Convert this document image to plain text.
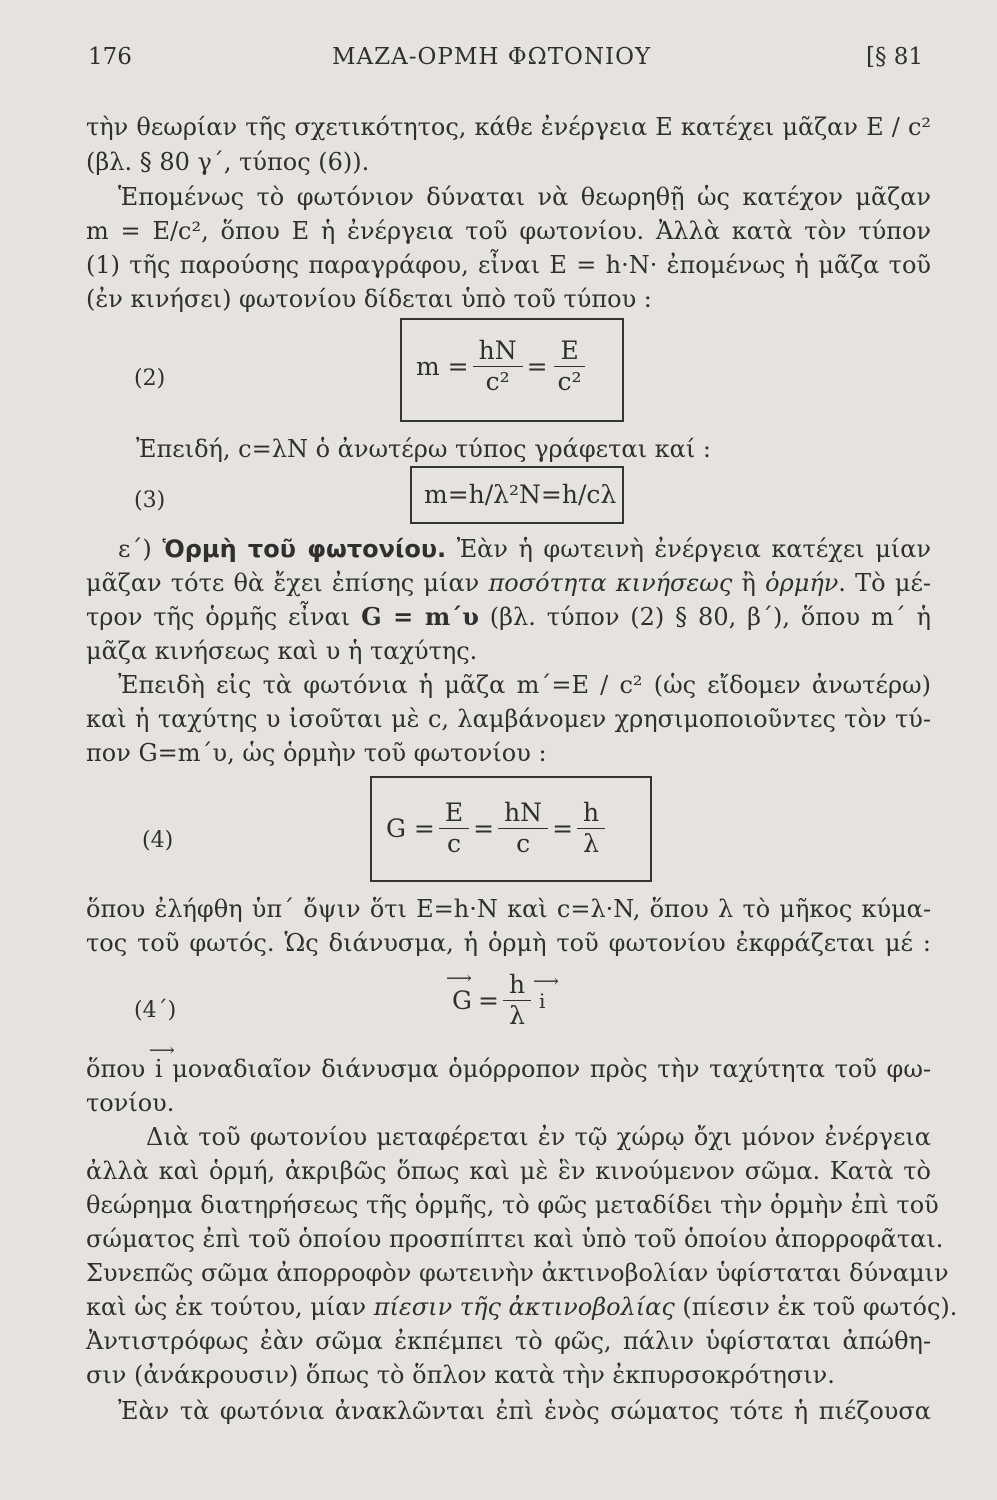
176	ΜΑΖΑ-ΟΡΜΗ ΦΩΤΟΝΙΟΥ	[§ 81
τὴν θεωρίαν τῆς σχετικότητος, κάθε ἐνέργεια Ε κατέχει μᾶζαν Ε / c²
(βλ. § 80 γ΄, τύπος (6)).
Ἑπομένως τὸ φωτόνιον δύναται νὰ θεωρηθῇ ὡς κατέχον μᾶζαν
m = E/c², ὅπου Ε ἡ ἐνέργεια τοῦ φωτονίου. Ἀλλὰ κατὰ τὸν τύπον
(1) τῆς παρούσης παραγράφου, εἶναι Ε = h·N· ἐπομένως ἡ μᾶζα τοῦ
(ἐν κινήσει) φωτονίου δίδεται ὑπὸ τοῦ τύπου :
(2)	$m = \frac{hN}{\text{c²}} = \frac{E}{\text{c²}}$
Ἐπειδή, c=λN ὁ ἀνωτέρω τύπος γράφεται καί :
(3)	m=h/λ²N=h/cλ
ε΄) Ὁρμὴ τοῦ φωτονίου. Ἐὰν ἡ φωτεινὴ ἐνέργεια κατέχει μίαν
μᾶζαν τότε θὰ ἔχει ἐπίσης μίαν ποσότητα κινήσεως ἢ ὁρμήν. Τὸ μέ-
τρον τῆς ὁρμῆς εἶναι G = m΄υ (βλ. τύπον (2) § 80, β΄), ὅπου m΄ ἡ
μᾶζα κινήσεως καὶ υ ἡ ταχύτης.
Ἐπειδὴ εἰς τὰ φωτόνια ἡ μᾶζα m΄=E / c² (ὡς εἴδομεν ἀνωτέρω)
καὶ ἡ ταχύτης υ ἰσοῦται μὲ c, λαμβάνομεν χρησιμοποιοῦντες τὸν τύ-
πον G=m΄υ, ὡς ὁρμὴν τοῦ φωτονίου :
(4)	$G = \frac{E}{c} = \frac{hN}{c} = \frac{h}{\lambda}$
ὅπου ἐλήφθη ὑπ΄ ὄψιν ὅτι E=h·N καὶ c=λ·N, ὅπου λ τὸ μῆκος κύμα-
τος τοῦ φωτός. Ὡς διάνυσμα, ἡ ὁρμὴ τοῦ φωτονίου ἐκφράζεται μέ :
(4΄)	⟶ $G = \frac{h}{\lambda}$ ⟶ i
ὅπου ⟶ i μοναδιαῖον διάνυσμα ὁμόρροπον πρὸς τὴν ταχύτητα τοῦ φω-
τονίου.
Διὰ τοῦ φωτονίου μεταφέρεται ἐν τῷ χώρῳ ὄχι μόνον ἐνέργεια
ἀλλὰ καὶ ὁρμή, ἀκριβῶς ὅπως καὶ μὲ ἓν κινούμενον σῶμα. Κατὰ τὸ
θεώρημα διατηρήσεως τῆς ὁρμῆς, τὸ φῶς μεταδίδει τὴν ὁρμὴν ἐπὶ τοῦ
σώματος ἐπὶ τοῦ ὁποίου προσπίπτει καὶ ὑπὸ τοῦ ὁποίου ἀπορροφᾶται.
Συνεπῶς σῶμα ἀπορροφὸν φωτεινὴν ἀκτινοβολίαν ὑφίσταται δύναμιν
καὶ ὡς ἐκ τούτου, μίαν πίεσιν τῆς ἀκτινοβολίας (πίεσιν ἐκ τοῦ φωτός).
Ἀντιστρόφως ἐὰν σῶμα ἐκπέμπει τὸ φῶς, πάλιν ὑφίσταται ἀπώθη-
σιν (ἀνάκρουσιν) ὅπως τὸ ὅπλον κατὰ τὴν ἐκπυρσοκρότησιν.
Ἐὰν τὰ φωτόνια ἀνακλῶνται ἐπὶ ἑνὸς σώματος τότε ἡ πιέζουσα
